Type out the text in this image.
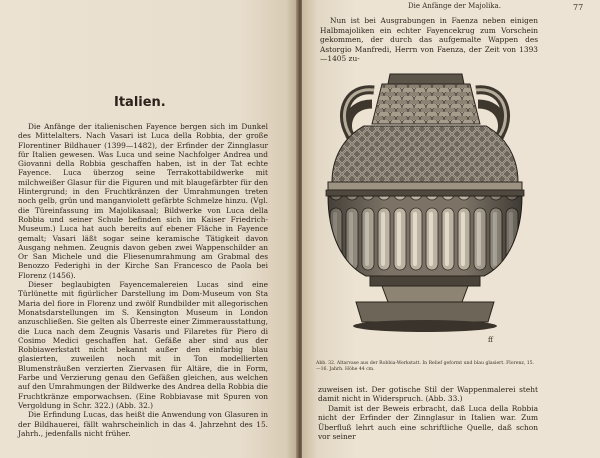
Italien.

Die Anfänge der italienischen Fayence bergen sich im Dunkel des Mittelalters. Nach Vasari ist Luca della Robbia, der große Florentiner Bildhauer (1399—1482), der Erfinder der Zinnglasur für Italien gewesen. Was Luca und seine Nachfolger Andrea und Giovanni della Robbia geschaffen haben, ist in der Tat echte Fayence. Luca überzog seine Terrakottabildwerke mit milchweißer Glasur für die Figuren und mit blaugefärbter für den Hintergrund; in den Fruchtkränzen der Umrahmungen treten noch gelb, grün und manganviolett gefärbte Schmelze hinzu. (Vgl. die Türeinfassung im Majolikasaal; Bildwerke von Luca della Robbia und seiner Schule befinden sich im Kaiser Friedrich-Museum.) Luca hat auch bereits auf ebener Fläche in Fayence gemalt; Vasari läßt sogar seine keramische Tätigkeit davon Ausgang nehmen. Zeugnis davon geben zwei Wappenschilder an Or San Michele und die Fliesenumrahmung am Grabmal des Benozzo Federighi in der Kirche San Francesco de Paola bei Florenz (1456).

Dieser beglaubigten Fayencemalereien Lucas sind eine Türlünette mit figürlicher Darstellung im Dom-Museum von Sta Maria del fiore in Florenz und zwölf Rundbilder mit allegorischen Monatsdarstellungen im S. Kensington Museum in London anzuschließen. Sie gelten als Überreste einer Zimmerausstattung, die Luca nach dem Zeugnis Vasaris und Filaretes für Piero di Cosimo Medici geschaffen hat. Gefäße aber sind aus der Robbiawerkstatt nicht bekannt außer den einfarbig blau glasierten, zuweilen noch mit in Ton modellierten Blumensträußen verzierten Ziervasen für Altäre, die in Form, Farbe und Verzierung genau den Gefäßen gleichen, aus welchen auf den Umrahmungen der Bildwerke des Andrea della Robbia die Fruchtkränze emporwachsen. (Eine Robbiavase mit Spuren von Vergoldung in Schr. 322.) (Abb. 32.)

Die Erfindung Lucas, das heißt die Anwendung von Glasuren in der Bildhauerei, fällt wahrscheinlich in das 4. Jahrzehnt des 15. Jahrh., jedenfalls nicht früher.

Die Anfänge der Majolika.	77

Nun ist bei Ausgrabungen in Faenza neben einigen Halbmajoliken ein echter Fayencekrug zum Vorschein gekommen, der durch das aufgemalte Wappen des Astorgio Manfredi, Herrn von Faenza, der Zeit von 1393—1405 zu-

ff
Abb. 32. Altarvase aus der Robbia-Werkstatt. In Relief geformt und blau glasiert. Florenz, 15.—16. Jahrh. Höhe 44 cm.

zuweisen ist. Der gotische Stil der Wappenmalerei steht damit nicht in Widerspruch. (Abb. 33.)

Damit ist der Beweis erbracht, daß Luca della Robbia nicht der Erfinder der Zinnglasur in Italien war. Zum Überfluß lehrt auch eine schriftliche Quelle, daß schon vor seiner
